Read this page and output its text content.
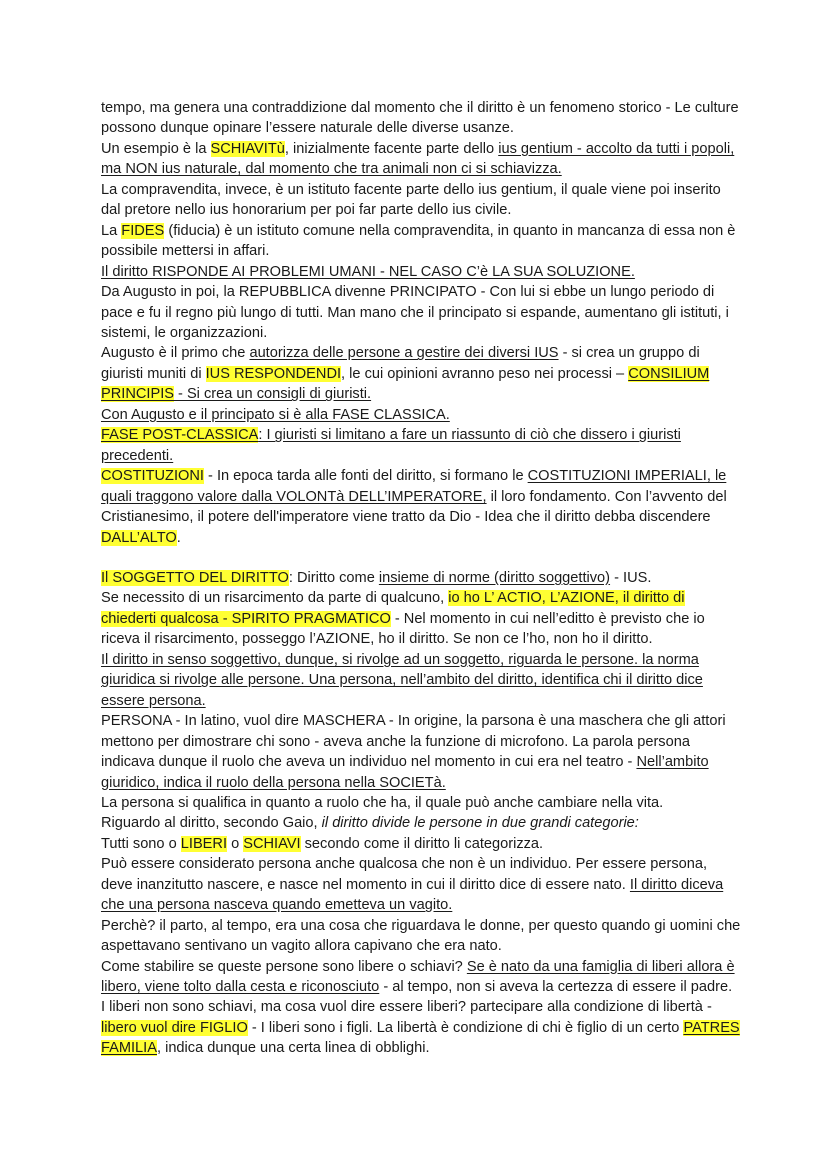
tempo, ma genera una contraddizione dal momento che il diritto è un fenomeno storico - Le culture possono dunque opinare l’essere naturale delle diverse usanze.

Un esempio è la SCHIAVITù, inizialmente facente parte dello ius gentium - accolto da tutti i popoli, ma NON ius naturale, dal momento che tra animali non ci si schiavizza.

La compravendita, invece, è un istituto facente parte dello ius gentium, il quale viene poi inserito dal pretore nello ius honorarium per poi far parte dello ius civile.

La FIDES (fiducia) è un istituto comune nella compravendita, in quanto in mancanza di essa non è possibile mettersi in affari.

Il diritto RISPONDE AI PROBLEMI UMANI - NEL CASO C’è LA SUA SOLUZIONE.

Da Augusto in poi, la REPUBBLICA divenne PRINCIPATO - Con lui si ebbe un lungo periodo di pace e fu il regno più lungo di tutti. Man mano che il principato si espande, aumentano gli istituti, i sistemi, le organizzazioni.

Augusto è il primo che autorizza delle persone a gestire dei diversi IUS - si crea un gruppo di giuristi muniti di IUS RESPONDENDI, le cui opinioni avranno peso nei processi – CONSILIUM PRINCIPIS - Si crea un consigli di giuristi.

Con Augusto e il principato si è alla FASE CLASSICA.

FASE POST-CLASSICA: I giuristi si limitano a fare un riassunto di ciò che dissero i giuristi precedenti.

COSTITUZIONI - In epoca tarda alle fonti del diritto, si formano le COSTITUZIONI IMPERIALI, le quali traggono valore dalla VOLONTà DELL’IMPERATORE, il loro fondamento. Con l’avvento del Cristianesimo, il potere dell'imperatore viene tratto da Dio - Idea che il diritto debba discendere DALL’ALTO.

Il SOGGETTO DEL DIRITTO: Diritto come insieme di norme (diritto soggettivo) - IUS.

Se necessito di un risarcimento da parte di qualcuno, io ho L’ ACTIO, L’AZIONE, il diritto di chiederti qualcosa - SPIRITO PRAGMATICO - Nel momento in cui nell’editto è previsto che io riceva il risarcimento, posseggo l’AZIONE, ho il diritto. Se non ce l’ho, non ho il diritto.

Il diritto in senso soggettivo, dunque, si rivolge ad un soggetto, riguarda le persone. la norma giuridica si rivolge alle persone. Una persona, nell’ambito del diritto, identifica chi il diritto dice essere persona.

PERSONA - In latino, vuol dire MASCHERA - In origine, la parsona è una maschera che gli attori mettono per dimostrare chi sono - aveva anche la funzione di microfono. La parola persona indicava dunque il ruolo che aveva un individuo nel momento in cui era nel teatro - Nell’ambito giuridico, indica il ruolo della persona nella SOCIETà.

La persona si qualifica in quanto a ruolo che ha, il quale può anche cambiare nella vita.

Riguardo al diritto, secondo Gaio, il diritto divide le persone in due grandi categorie:

Tutti sono o LIBERI o SCHIAVI secondo come il diritto li categorizza.

Può essere considerato persona anche qualcosa che non è un individuo. Per essere persona, deve inanzitutto nascere, e nasce nel momento in cui il diritto dice di essere nato. Il diritto diceva che una persona nasceva quando emetteva un vagito.

Perchè? il parto, al tempo, era una cosa che riguardava le donne, per questo quando gi uomini che aspettavano sentivano un vagito allora capivano che era nato.

Come stabilire se queste persone sono libere o schiavi? Se è nato da una famiglia di liberi allora è libero, viene tolto dalla cesta e riconosciuto - al tempo, non si aveva la certezza di essere il padre.

I liberi non sono schiavi, ma cosa vuol dire essere liberi? partecipare alla condizione di libertà - libero vuol dire FIGLIO - I liberi sono i figli. La libertà è condizione di chi è figlio di un certo PATRES FAMILIA, indica dunque una certa linea di obblighi.
